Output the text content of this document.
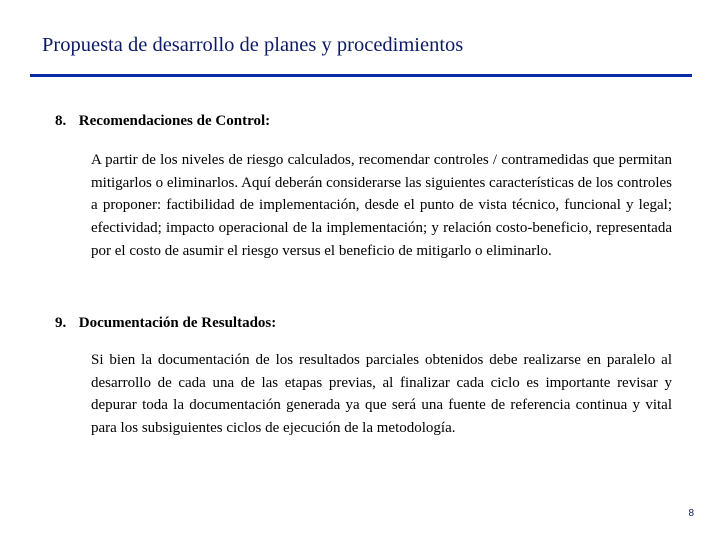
Propuesta de desarrollo de planes y procedimientos
8. Recomendaciones de Control:

A partir de los niveles de riesgo calculados, recomendar controles / contramedidas que permitan mitigarlos o eliminarlos. Aquí deberán considerarse las siguientes características de los controles a proponer: factibilidad de implementación, desde el punto de vista técnico, funcional y legal; efectividad; impacto operacional de la implementación; y relación costo-beneficio, representada por el costo de asumir el riesgo versus el beneficio de mitigarlo o eliminarlo.

9. Documentación de Resultados:

Si bien la documentación de los resultados parciales obtenidos debe realizarse en paralelo al desarrollo de cada una de las etapas previas, al finalizar cada ciclo es importante revisar y depurar toda la documentación generada ya que será una fuente de referencia continua y vital para los subsiguientes ciclos de ejecución de la metodología.

8
